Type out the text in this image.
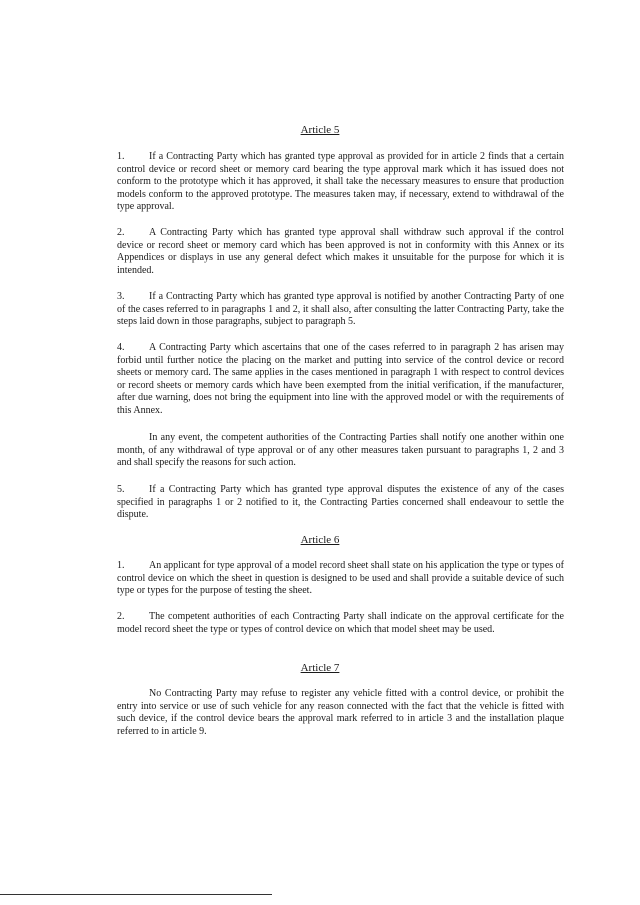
Article 5
1. If a Contracting Party which has granted type approval as provided for in article 2 finds that a certain control device or record sheet or memory card bearing the type approval mark which it has issued does not conform to the prototype which it has approved, it shall take the necessary measures to ensure that production models conform to the approved prototype. The measures taken may, if necessary, extend to withdrawal of the type approval.
2. A Contracting Party which has granted type approval shall withdraw such approval if the control device or record sheet or memory card which has been approved is not in conformity with this Annex or its Appendices or displays in use any general defect which makes it unsuitable for the purpose for which it is intended.
3. If a Contracting Party which has granted type approval is notified by another Contracting Party of one of the cases referred to in paragraphs 1 and 2, it shall also, after consulting the latter Contracting Party, take the steps laid down in those paragraphs, subject to paragraph 5.
4. A Contracting Party which ascertains that one of the cases referred to in paragraph 2 has arisen may forbid until further notice the placing on the market and putting into service of the control device or record sheets or memory card. The same applies in the cases mentioned in paragraph 1 with respect to control devices or record sheets or memory cards which have been exempted from the initial verification, if the manufacturer, after due warning, does not bring the equipment into line with the approved model or with the requirements of this Annex.
In any event, the competent authorities of the Contracting Parties shall notify one another within one month, of any withdrawal of type approval or of any other measures taken pursuant to paragraphs 1, 2 and 3 and shall specify the reasons for such action.
5. If a Contracting Party which has granted type approval disputes the existence of any of the cases specified in paragraphs 1 or 2 notified to it, the Contracting Parties concerned shall endeavour to settle the dispute.
Article 6
1. An applicant for type approval of a model record sheet shall state on his application the type or types of control device on which the sheet in question is designed to be used and shall provide a suitable device of such type or types for the purpose of testing the sheet.
2. The competent authorities of each Contracting Party shall indicate on the approval certificate for the model record sheet the type or types of control device on which that model sheet may be used.
Article 7
No Contracting Party may refuse to register any vehicle fitted with a control device, or prohibit the entry into service or use of such vehicle for any reason connected with the fact that the vehicle is fitted with such device, if the control device bears the approval mark referred to in article 3 and the installation plaque referred to in article 9.
